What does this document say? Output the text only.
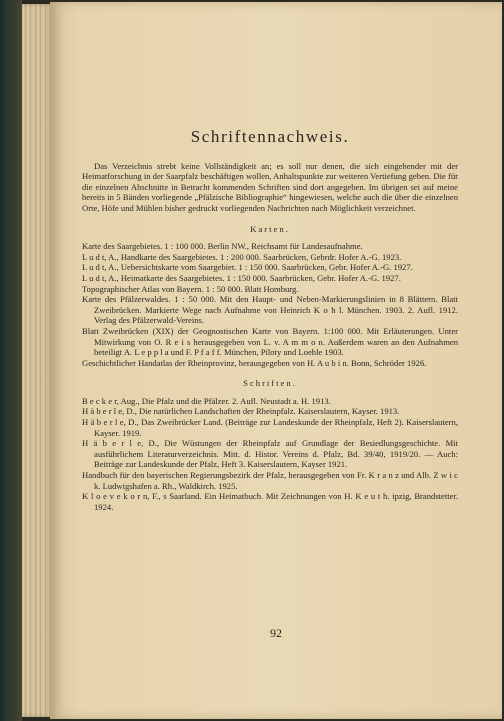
Schriftennachweis.

Das Verzeichnis strebt keine Vollständigkeit an; es soll nur denen, die sich eingehender mit der Heimatforschung in der Saarpfalz beschäftigen wollen, Anhaltspunkte zur weiteren Vertiefung geben. Die für die einzelnen Abschnitte in Betracht kommenden Schriften sind dort angegeben. Im übrigen sei auf meine bereits in 5 Bänden vorliegende „Pfälzische Bibliographie“ hingewiesen, welche auch die über die einzelnen Orte, Höfe und Mühlen bisher gedruckt vorliegenden Nachrichten nach Möglichkeit verzeichnet.

Karten.

Karte des Saargebietes. 1 : 100 000. Berlin NW., Reichsamt für Landesaufnahme.

L u d t, A., Handkarte des Saargebietes. 1 : 200 000. Saarbrücken, Gebrdr. Hofer A.-G. 1923.

L u d t, A., Uebersichtskarte vom Saargebiet. 1 : 150 000. Saarbrücken, Gebr. Hofer A.-G. 1927.

L u d t, A., Heimatkarte des Saargebietes. 1 : 150 000. Saarbrücken, Gebr. Hofer A.-G. 1927.

Topographischer Atlas von Bayern. 1 : 50 000. Blatt Homburg.

Karte des Pfälzerwaldes. 1 : 50 000. Mit den Haupt- und Neben-Markierungslinien in 8 Blättern. Blatt Zweibrücken. Markierte Wege nach Aufnahme von Heinrich K o h l. München. 1903. 2. Aufl. 1912. Verlag des Pfälzerwald-Vereins.

Blatt Zweibrücken (XIX) der Geognostischen Karte von Bayern. 1:100 000. Mit Erläuterungen. Unter Mitwirkung von O. R e i s herausgegeben von L. v. A m m o n. Außerdem waren an den Aufnahmen beteiligt A. L e p p l a und F. P f a f f. München, Piloty und Loehle 1903.

Geschichtlicher Handatlas der Rheinprovinz, herausgegeben von H. A u b i n. Bonn, Schröder 1926.

Schriften.

B e c k e r, Aug., Die Pfalz und die Pfälzer. 2. Aufl. Neustadt a. H. 1913.

H ä b e r l e, D., Die natürlichen Landschaften der Rheinpfalz. Kaiserslautern, Kayser. 1913.

H ä b e r l e, D., Das Zweibrücker Land. (Beiträge zur Landeskunde der Rheinpfalz, Heft 2). Kaiserslautern, Kayser. 1919.

H ä b e r l e, D., Die Wüstungen der Rheinpfalz auf Grundlage der Besiedlungsgeschichte. Mit ausführlichem Literaturverzeichnis. Mitt. d. Histor. Vereins d. Pfalz, Bd. 39/40, 1919/20. — Auch: Beiträge zur Landeskunde der Pfalz, Heft 3. Kaiserslautern, Kayser 1921.

Handbuch für den bayerischen Regierungsbezirk der Pfalz, herausgegeben von Fr. K r a n z und Alb. Z w i c k. Ludwigshafen a. Rh., Waldkirch. 1925.

K l o e v e k o r n, F., s Saarland. Ein Heimatbuch. Mit Zeichnungen von H. K e u t h. ipzig, Brandstetter. 1924.

92
